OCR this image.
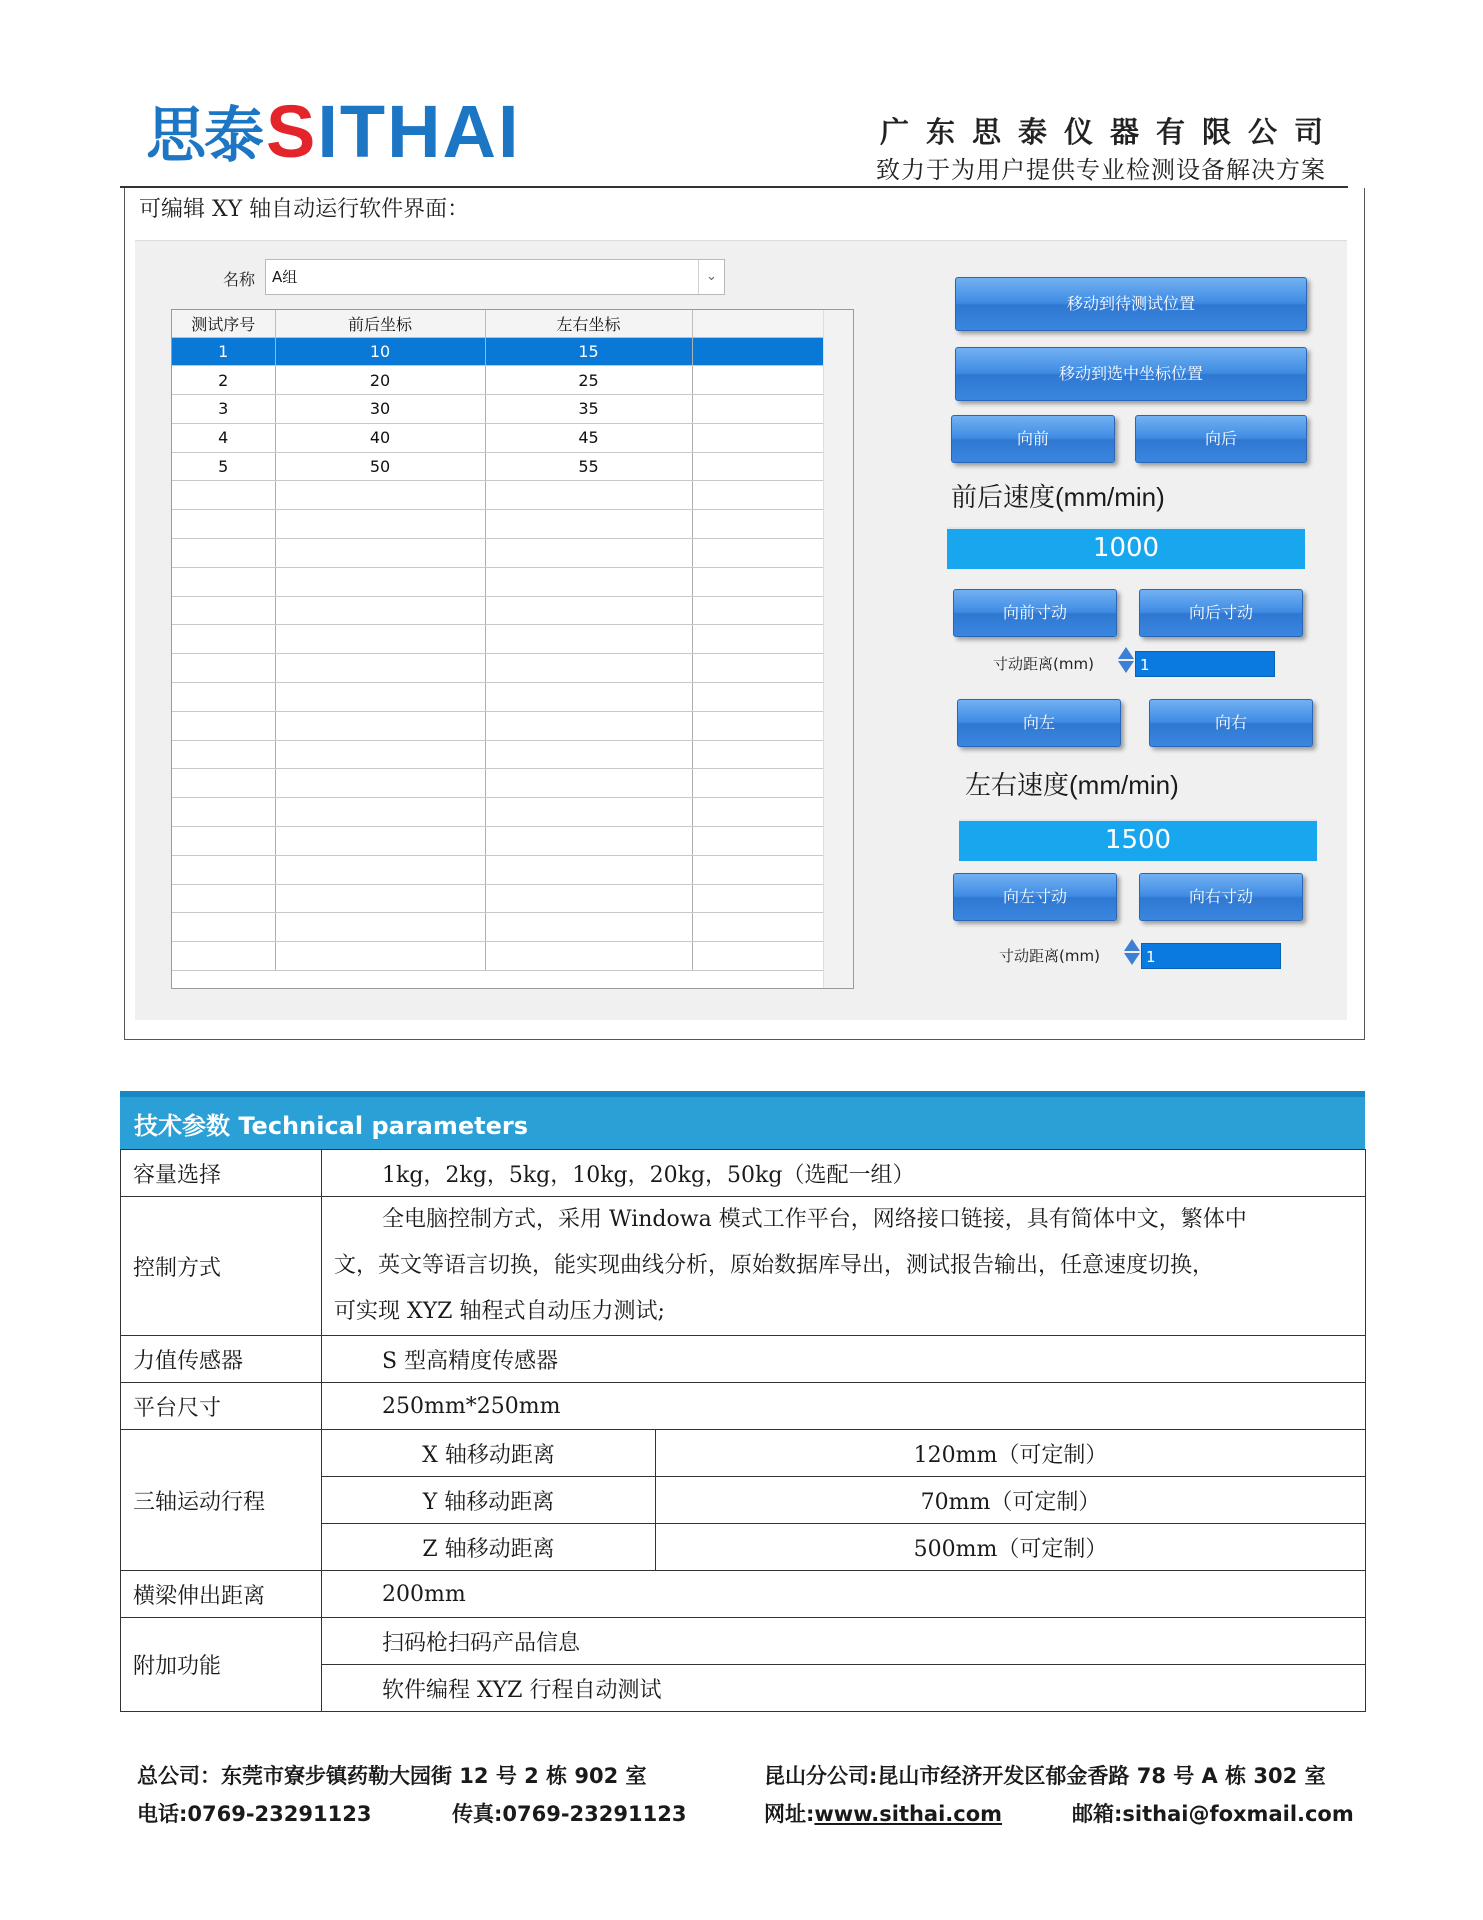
思泰 SITHAI	广东思泰仪器有限公司
致力于为用户提供专业检测设备解决方案
可编辑 XY 轴自动运行软件界面：
名称	A组	⌄
测试序号	前后坐标	左右坐标	
1	10	15	
2	20	25	
3	30	35	
4	40	45	
5	50	55	

移动到待测试位置
移动到选中坐标位置
向前	向后
前后速度(mm/min)
1000
向前寸动	向后寸动
寸动距离(mm)	1
向左	向右
左右速度(mm/min)
1500
向左寸动	向右寸动
寸动距离(mm)	1
技术参数 Technical parameters
容量选择	1kg，2kg，5kg，10kg，20kg，50kg（选配一组）	
控制方式	全电脑控制方式，采用 Windowa 模式工作平台，网络接口链接，具有简体中文，繁体中
文，英文等语言切换，能实现曲线分析，原始数据库导出，测试报告输出，任意速度切换，
可实现 XYZ 轴程式自动压力测试;	

力值传感器	S 型高精度传感器	
平台尺寸	250mm*250mm	
三轴运动行程	X 轴移动距离	120mm（可定制）
	Y 轴移动距离	70mm（可定制）
	Z 轴移动距离	500mm（可定制）
横梁伸出距离	200mm	
附加功能	扫码枪扫码产品信息	
	软件编程 XYZ 行程自动测试	
总公司：东莞市寮步镇药勒大园街 12 号 2 栋 902 室	昆山分公司:昆山市经济开发区郁金香路 78 号 A 栋 302 室
电话:0769-23291123	传真:0769-23291123	网址:www.sithai.com	邮箱:sithai@foxmail.com
